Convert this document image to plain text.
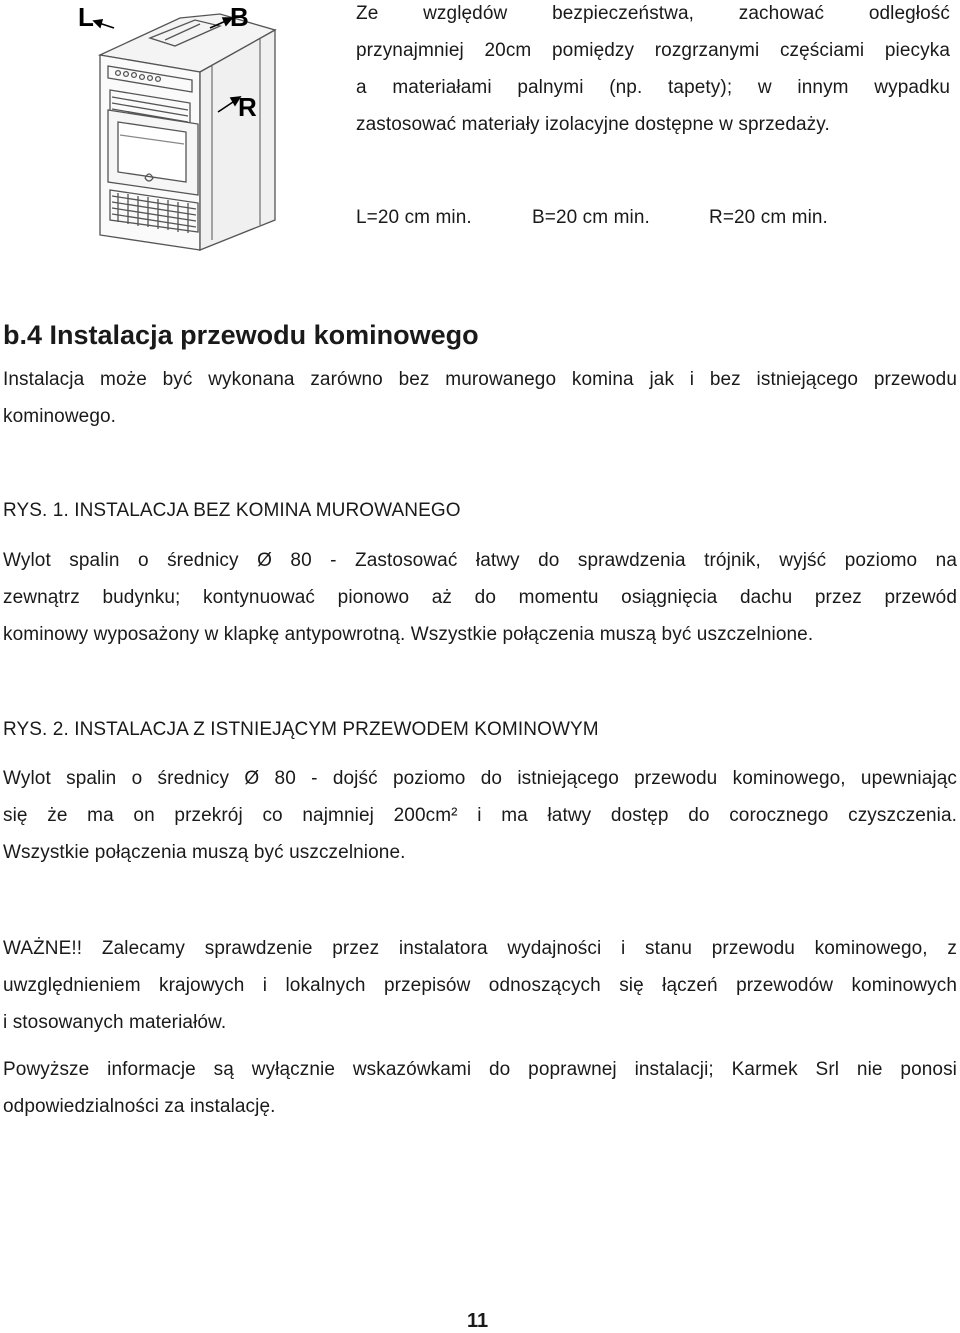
L	B
R
Ze względów bezpieczeństwa, zachować odległość
przynajmniej 20cm pomiędzy rozgrzanymi częściami piecyka
a materiałami palnymi (np. tapety); w innym wypadku
zastosować materiały izolacyjne dostępne w sprzedaży.
L=20 cm min.	B=20 cm min.	R=20 cm min.
b.4 Instalacja przewodu kominowego
Instalacja może być wykonana zarówno bez murowanego komina jak i bez istniejącego przewodu
kominowego.
RYS. 1. INSTALACJA BEZ KOMINA MUROWANEGO
Wylot spalin o średnicy Ø 80 - Zastosować łatwy do sprawdzenia trójnik, wyjść poziomo na
zewnątrz budynku; kontynuować pionowo aż do momentu osiągnięcia dachu przez przewód
kominowy wyposażony w klapkę antypowrotną. Wszystkie połączenia muszą być uszczelnione.
RYS. 2. INSTALACJA Z ISTNIEJĄCYM PRZEWODEM KOMINOWYM
Wylot spalin o średnicy Ø 80 - dojść poziomo do istniejącego przewodu kominowego, upewniając
się że ma on przekrój co najmniej 200cm² i ma łatwy dostęp do corocznego czyszczenia.
Wszystkie połączenia muszą być uszczelnione.
WAŻNE!! Zalecamy sprawdzenie przez instalatora wydajności i stanu przewodu kominowego, z
uwzględnieniem krajowych i lokalnych przepisów odnoszących się łączeń przewodów kominowych
i stosowanych materiałów.
Powyższe informacje są wyłącznie wskazówkami do poprawnej instalacji; Karmek Srl nie ponosi
odpowiedzialności za instalację.
11
